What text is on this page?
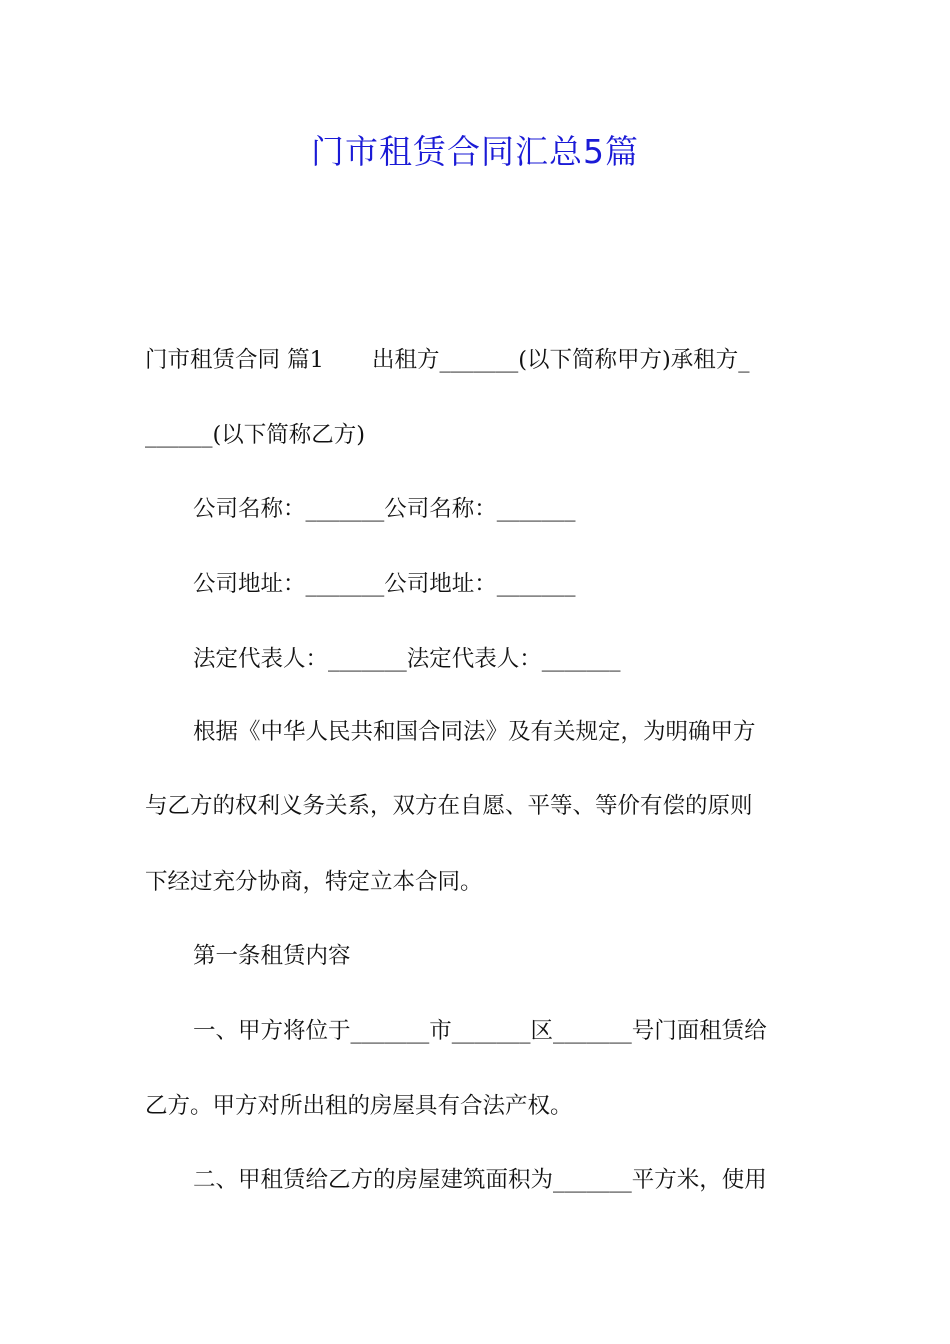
门市租赁合同汇总5篇
门市租赁合同 篇1 出租方_______(以下简称甲方)承租方_
______(以下简称乙方)
公司名称：_______公司名称：_______
公司地址：_______公司地址：_______
法定代表人：_______法定代表人：_______
根据《中华人民共和国合同法》及有关规定，为明确甲方
与乙方的权利义务关系，双方在自愿、平等、等价有偿的原则
下经过充分协商，特定立本合同。
第一条租赁内容
一、甲方将位于_______市_______区_______号门面租赁给
乙方。甲方对所出租的房屋具有合法产权。
二、甲租赁给乙方的房屋建筑面积为_______平方米，使用
